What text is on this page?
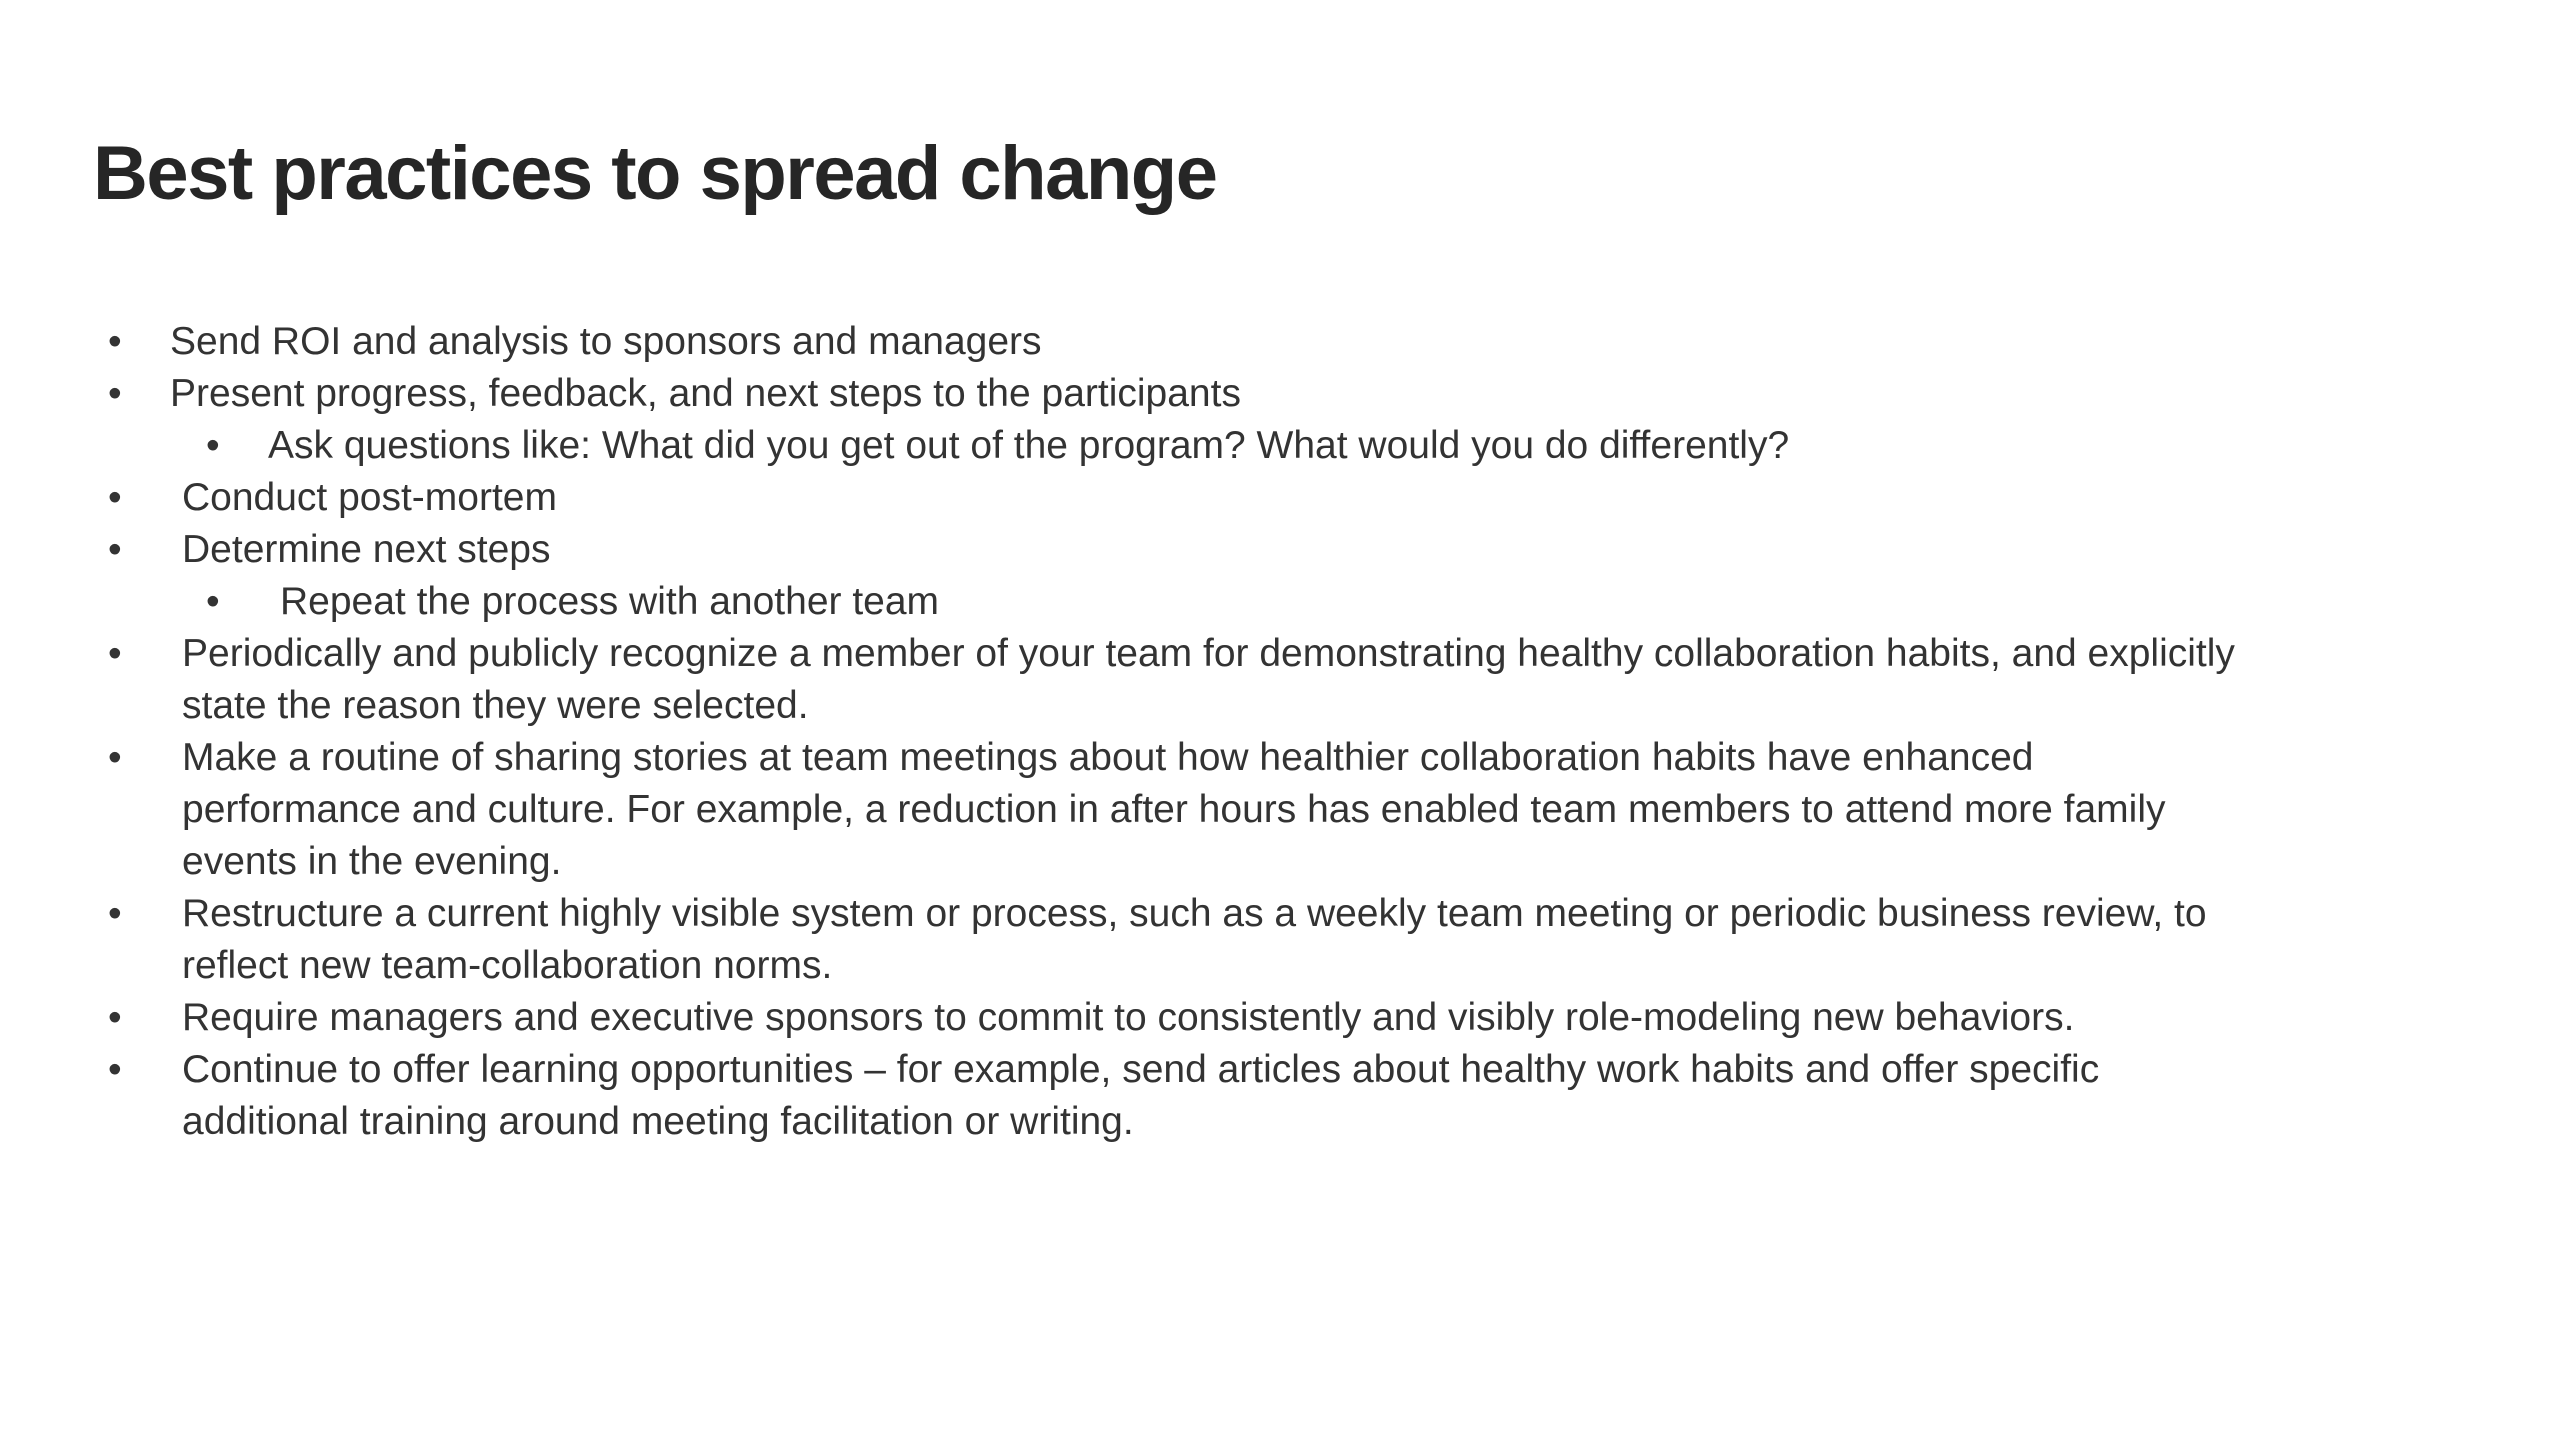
Best practices to spread change
• Send ROI and analysis to sponsors and managers
• Present progress, feedback, and next steps to the participants
• Ask questions like: What did you get out of the program? What would you do differently?
• Conduct post-mortem
• Determine next steps
• Repeat the process with another team
• Periodically and publicly recognize a member of your team for demonstrating healthy collaboration habits, and explicitly
state the reason they were selected.
• Make a routine of sharing stories at team meetings about how healthier collaboration habits have enhanced
performance and culture. For example, a reduction in after hours has enabled team members to attend more family
events in the evening.
• Restructure a current highly visible system or process, such as a weekly team meeting or periodic business review, to
reflect new team-collaboration norms.
• Require managers and executive sponsors to commit to consistently and visibly role-modeling new behaviors.
• Continue to offer learning opportunities – for example, send articles about healthy work habits and offer specific
additional training around meeting facilitation or writing.
